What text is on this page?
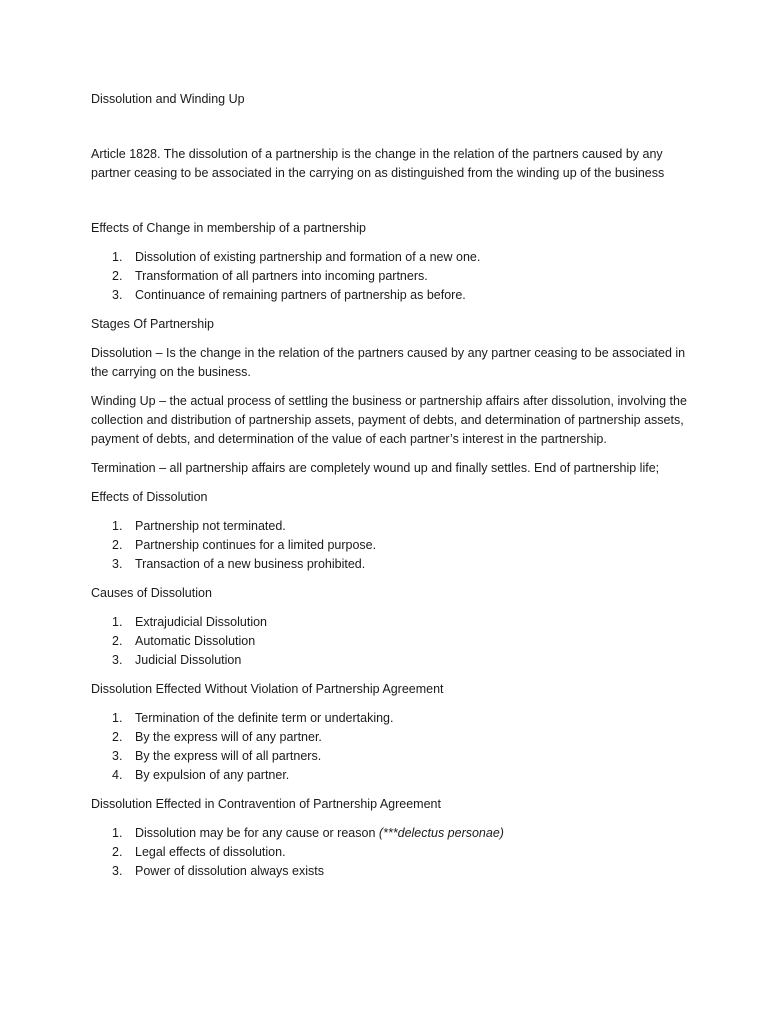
Dissolution and Winding Up

Article 1828. The dissolution of a partnership is the change in the relation of the partners caused by any partner ceasing to be associated in the carrying on as distinguished from the winding up of the business

Effects of Change in membership of a partnership

1. Dissolution of existing partnership and formation of a new one.
2. Transformation of all partners into incoming partners.
3. Continuance of remaining partners of partnership as before.

Stages Of Partnership

Dissolution – Is the change in the relation of the partners caused by any partner ceasing to be associated in the carrying on the business.

Winding Up – the actual process of settling the business or partnership affairs after dissolution, involving the collection and distribution of partnership assets, payment of debts, and determination of partnership assets, payment of debts, and determination of the value of each partner’s interest in the partnership.

Termination – all partnership affairs are completely wound up and finally settles. End of partnership life;

Effects of Dissolution

1. Partnership not terminated.
2. Partnership continues for a limited purpose.
3. Transaction of a new business prohibited.

Causes of Dissolution

1. Extrajudicial Dissolution
2. Automatic Dissolution
3. Judicial Dissolution

Dissolution Effected Without Violation of Partnership Agreement

1. Termination of the definite term or undertaking.
2. By the express will of any partner.
3. By the express will of all partners.
4. By expulsion of any partner.

Dissolution Effected in Contravention of Partnership Agreement

1. Dissolution may be for any cause or reason (***delectus personae)
2. Legal effects of dissolution.
3. Power of dissolution always exists
